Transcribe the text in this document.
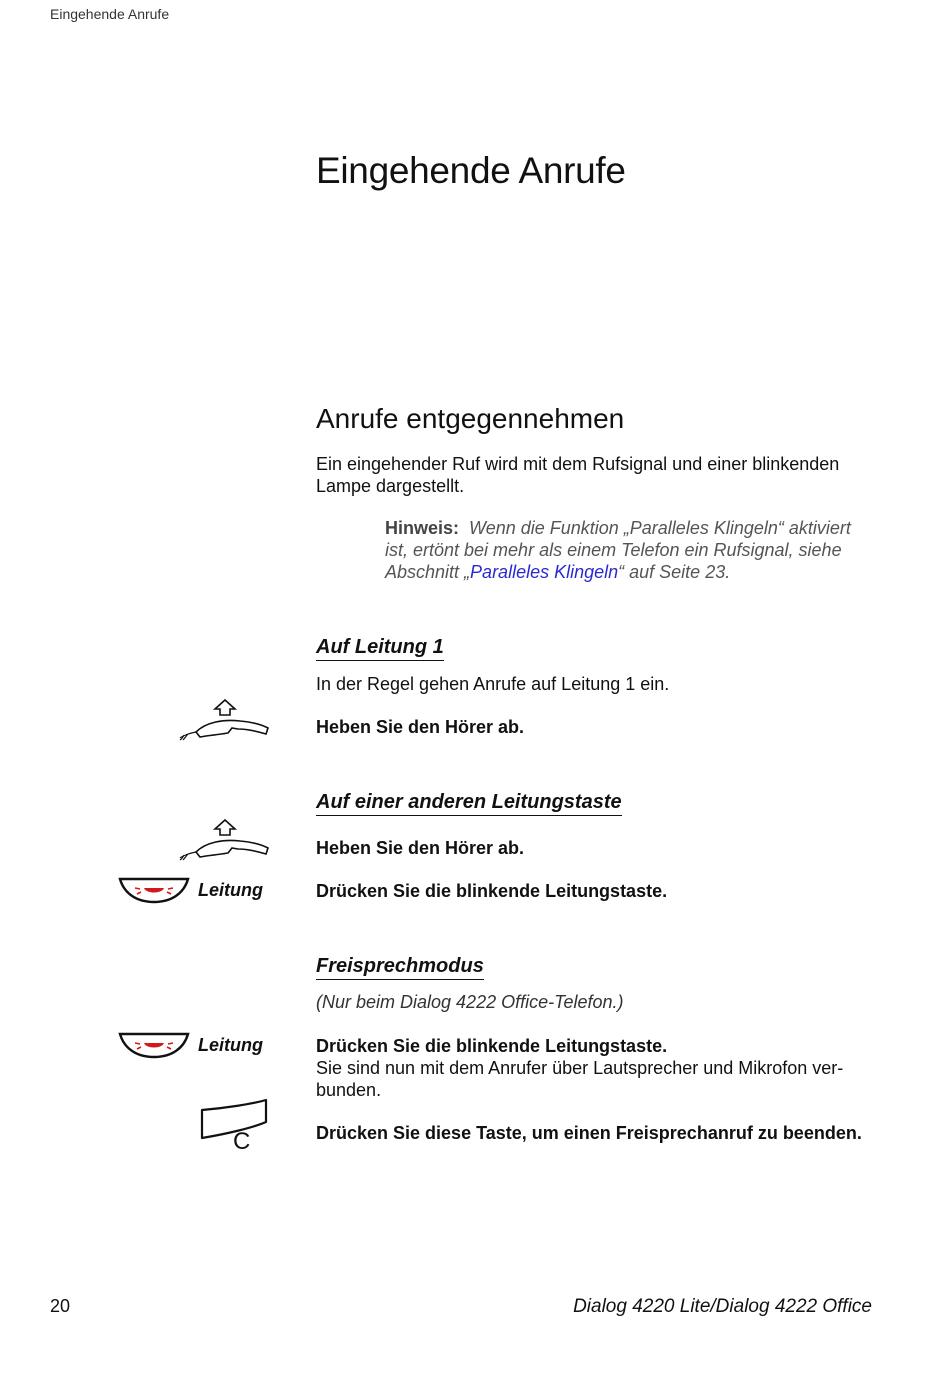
Eingehende Anrufe
Eingehende Anrufe
Anrufe entgegennehmen
Ein eingehender Ruf wird mit dem Rufsignal und einer blinkenden Lampe dargestellt.
Hinweis: Wenn die Funktion „Paralleles Klingeln“ aktiviert ist, ertönt bei mehr als einem Telefon ein Rufsignal, siehe Abschnitt „Paralleles Klingeln“ auf Seite 23.
Auf Leitung 1
In der Regel gehen Anrufe auf Leitung 1 ein.
Heben Sie den Hörer ab.
Auf einer anderen Leitungstaste
Heben Sie den Hörer ab.
Leitung	Drücken Sie die blinkende Leitungstaste.
Freisprechmodus
(Nur beim Dialog 4222 Office-Telefon.)
Leitung	Drücken Sie die blinkende Leitungstaste.
Sie sind nun mit dem Anrufer über Lautsprecher und Mikrofon ver-bunden.
C	Drücken Sie diese Taste, um einen Freisprechanruf zu beenden.
20	Dialog 4220 Lite/Dialog 4222 Office
